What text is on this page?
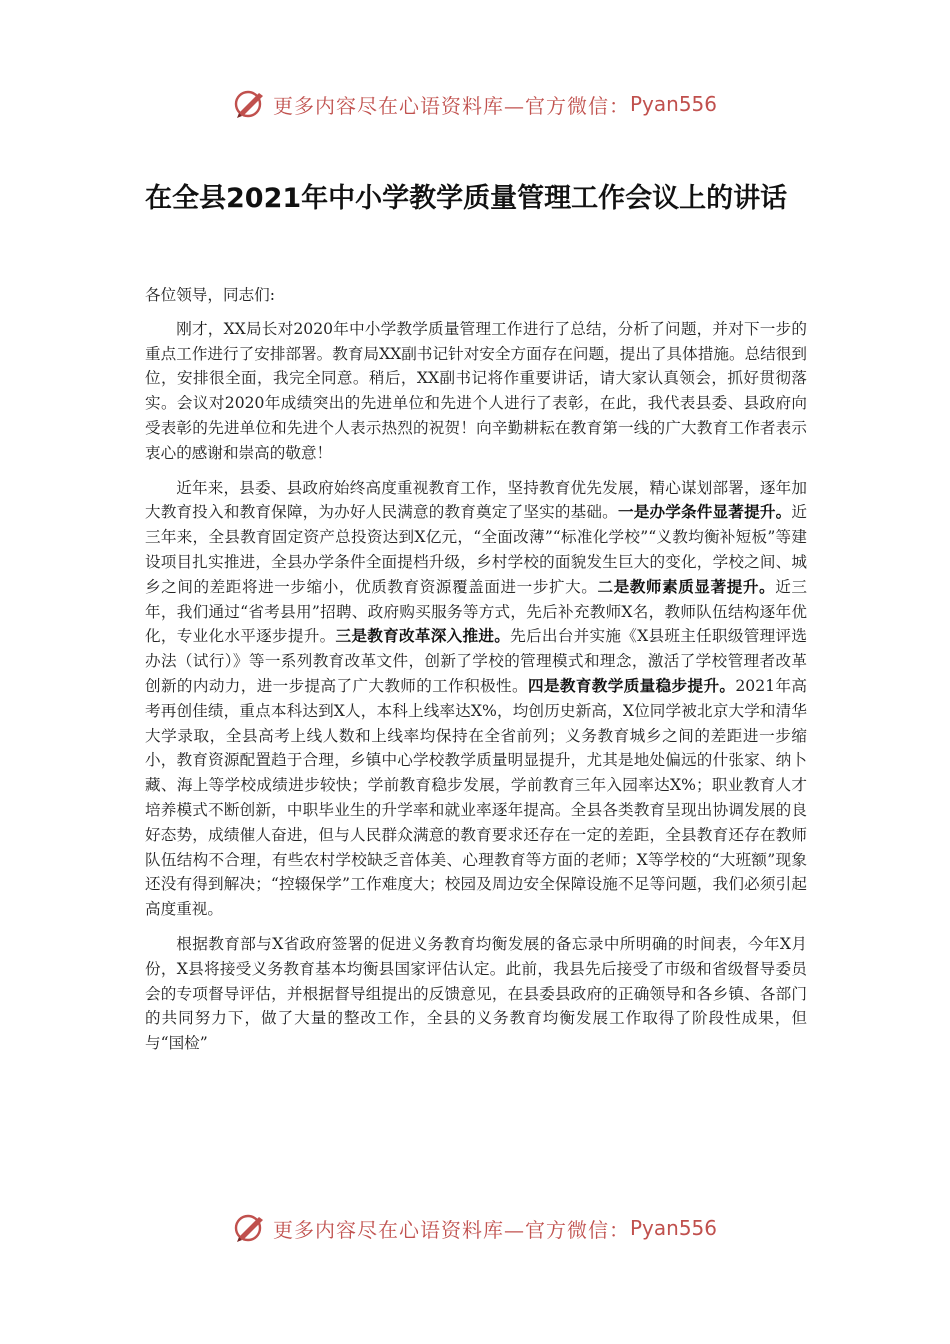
更多内容尽在心语资料库—官方微信： Pyan556
在全县2021年中小学教学质量管理工作会议上的讲话

各位领导，同志们:

刚才，XX局长对2020年中小学教学质量管理工作进行了总结，分析了问题，并对下一步的重点工作进行了安排部署。教育局XX副书记针对安全方面存在问题，提出了具体措施。总结很到位，安排很全面，我完全同意。稍后，XX副书记将作重要讲话，请大家认真领会，抓好贯彻落实。会议对2020年成绩突出的先进单位和先进个人进行了表彰，在此，我代表县委、县政府向受表彰的先进单位和先进个人表示热烈的祝贺！向辛勤耕耘在教育第一线的广大教育工作者表示衷心的感谢和崇高的敬意！

近年来，县委、县政府始终高度重视教育工作，坚持教育优先发展，精心谋划部署，逐年加大教育投入和教育保障，为办好人民满意的教育奠定了坚实的基础。一是办学条件显著提升。近三年来，全县教育固定资产总投资达到X亿元，“全面改薄”“标准化学校”“义教均衡补短板”等建设项目扎实推进，全县办学条件全面提档升级，乡村学校的面貌发生巨大的变化，学校之间、城乡之间的差距将进一步缩小，优质教育资源覆盖面进一步扩大。二是教师素质显著提升。近三年，我们通过“省考县用”招聘、政府购买服务等方式，先后补充教师X名，教师队伍结构逐年优化，专业化水平逐步提升。三是教育改革深入推进。先后出台并实施《X县班主任职级管理评选办法（试行）》等一系列教育改革文件，创新了学校的管理模式和理念，激活了学校管理者改革创新的内动力，进一步提高了广大教师的工作积极性。四是教育教学质量稳步提升。2021年高考再创佳绩，重点本科达到X人，本科上线率达X%，均创历史新高，X位同学被北京大学和清华大学录取，全县高考上线人数和上线率均保持在全省前列；义务教育城乡之间的差距进一步缩小，教育资源配置趋于合理，乡镇中心学校教学质量明显提升，尤其是地处偏远的什张家、纳卜藏、海上等学校成绩进步较快；学前教育稳步发展，学前教育三年入园率达X%；职业教育人才培养模式不断创新，中职毕业生的升学率和就业率逐年提高。全县各类教育呈现出协调发展的良好态势，成绩催人奋进，但与人民群众满意的教育要求还存在一定的差距，全县教育还存在教师队伍结构不合理，有些农村学校缺乏音体美、心理教育等方面的老师；X等学校的“大班额”现象还没有得到解决；“控辍保学”工作难度大；校园及周边安全保障设施不足等问题，我们必须引起高度重视。

根据教育部与X省政府签署的促进义务教育均衡发展的备忘录中所明确的时间表，今年X月份，X县将接受义务教育基本均衡县国家评估认定。此前，我县先后接受了市级和省级督导委员会的专项督导评估，并根据督导组提出的反馈意见，在县委县政府的正确领导和各乡镇、各部门的共同努力下，做了大量的整改工作，全县的义务教育均衡发展工作取得了阶段性成果，但与“国检”

更多内容尽在心语资料库—官方微信： Pyan556
